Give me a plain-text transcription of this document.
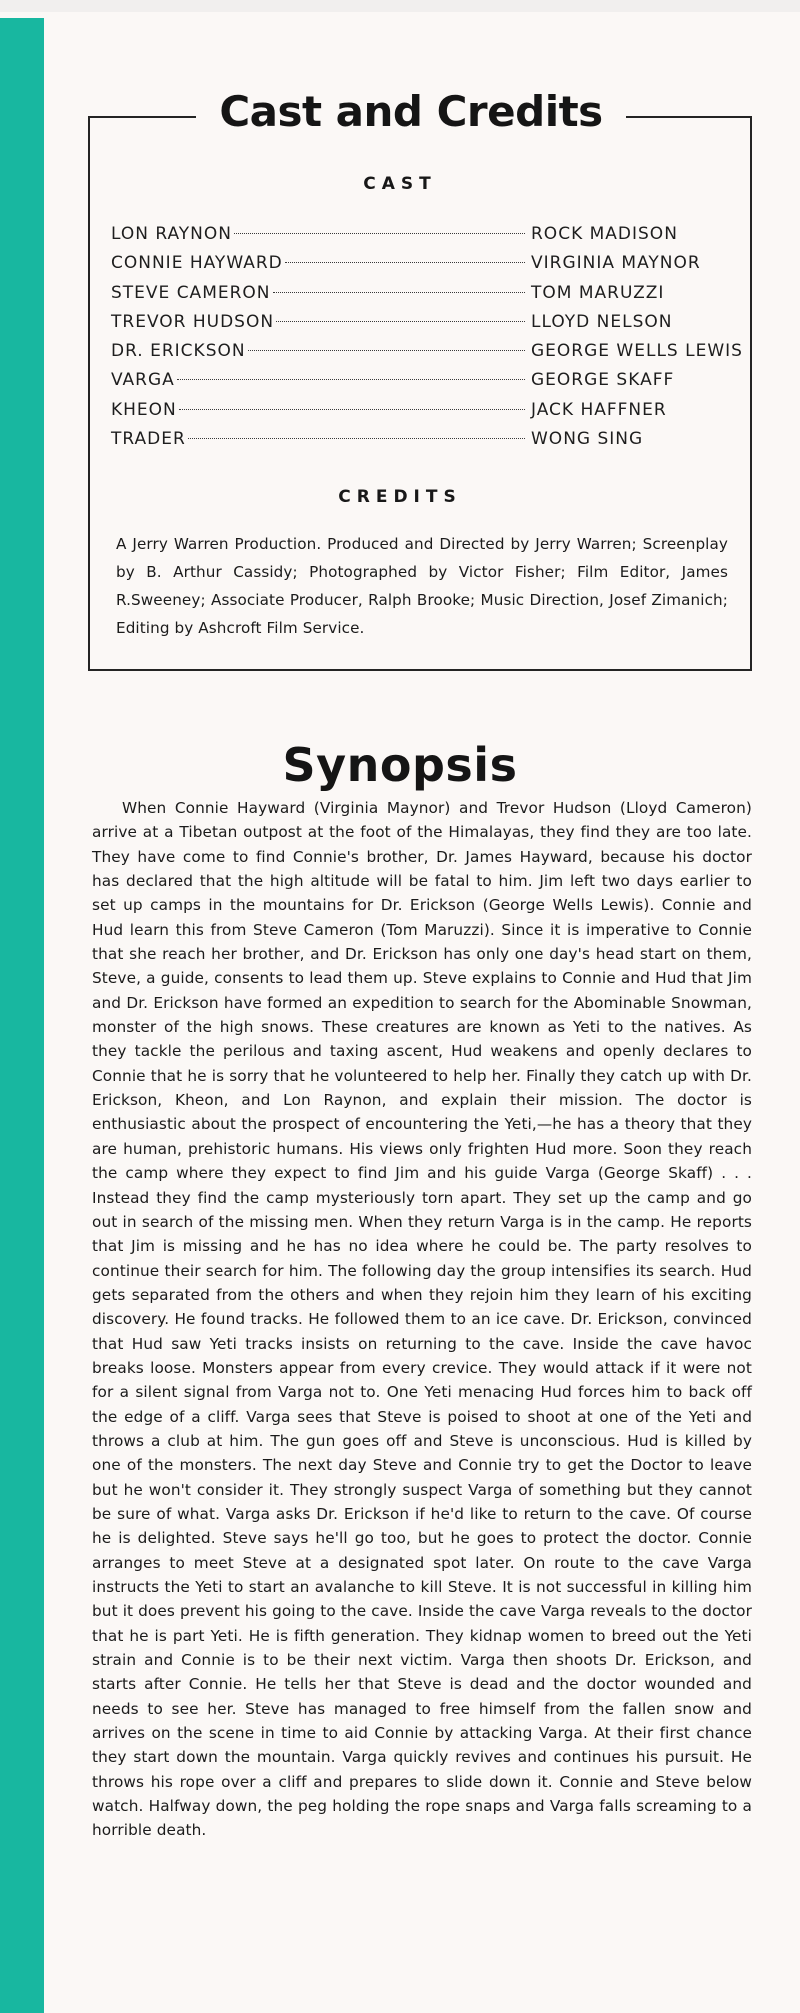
Cast and Credits
CAST
LON RAYNON	ROCK MADISON
CONNIE HAYWARD	VIRGINIA MAYNOR
STEVE CAMERON	TOM MARUZZI
TREVOR HUDSON	LLOYD NELSON
DR. ERICKSON	GEORGE WELLS LEWIS
VARGA	GEORGE SKAFF
KHEON	JACK HAFFNER
TRADER	WONG SING
CREDITS

A Jerry Warren Production. Produced and Directed by Jerry Warren; Screenplay by B. Arthur Cassidy; Photographed by Victor Fisher; Film Editor, James R.Sweeney; Associate Producer, Ralph Brooke; Music Direction, Josef Zimanich; Editing by Ashcroft Film Service.

Synopsis

When Connie Hayward (Virginia Maynor) and Trevor Hudson (Lloyd Cameron) arrive at a Tibetan outpost at the foot of the Himalayas, they find they are too late. They have come to find Connie's brother, Dr. James Hayward, because his doctor has declared that the high altitude will be fatal to him. Jim left two days earlier to set up camps in the mountains for Dr. Erickson (George Wells Lewis). Connie and Hud learn this from Steve Cameron (Tom Maruzzi). Since it is imperative to Connie that she reach her brother, and Dr. Erickson has only one day's head start on them, Steve, a guide, consents to lead them up. Steve explains to Connie and Hud that Jim and Dr. Erickson have formed an expedition to search for the Abominable Snowman, monster of the high snows. These creatures are known as Yeti to the natives. As they tackle the perilous and taxing ascent, Hud weakens and openly declares to Connie that he is sorry that he volunteered to help her. Finally they catch up with Dr. Erickson, Kheon, and Lon Raynon, and explain their mission. The doctor is enthusiastic about the prospect of encountering the Yeti,—he has a theory that they are human, prehistoric humans. His views only frighten Hud more. Soon they reach the camp where they expect to find Jim and his guide Varga (George Skaff) . . . Instead they find the camp mysteriously torn apart. They set up the camp and go out in search of the missing men. When they return Varga is in the camp. He reports that Jim is missing and he has no idea where he could be. The party resolves to continue their search for him. The following day the group intensifies its search. Hud gets separated from the others and when they rejoin him they learn of his exciting discovery. He found tracks. He followed them to an ice cave. Dr. Erickson, convinced that Hud saw Yeti tracks insists on returning to the cave. Inside the cave havoc breaks loose. Monsters appear from every crevice. They would attack if it were not for a silent signal from Varga not to. One Yeti menacing Hud forces him to back off the edge of a cliff. Varga sees that Steve is poised to shoot at one of the Yeti and throws a club at him. The gun goes off and Steve is unconscious. Hud is killed by one of the monsters. The next day Steve and Connie try to get the Doctor to leave but he won't consider it. They strongly suspect Varga of something but they cannot be sure of what. Varga asks Dr. Erickson if he'd like to return to the cave. Of course he is delighted. Steve says he'll go too, but he goes to protect the doctor. Connie arranges to meet Steve at a designated spot later. On route to the cave Varga instructs the Yeti to start an avalanche to kill Steve. It is not successful in killing him but it does prevent his going to the cave. Inside the cave Varga reveals to the doctor that he is part Yeti. He is fifth generation. They kidnap women to breed out the Yeti strain and Connie is to be their next victim. Varga then shoots Dr. Erickson, and starts after Connie. He tells her that Steve is dead and the doctor wounded and needs to see her. Steve has managed to free himself from the fallen snow and arrives on the scene in time to aid Connie by attacking Varga. At their first chance they start down the mountain. Varga quickly revives and continues his pursuit. He throws his rope over a cliff and prepares to slide down it. Connie and Steve below watch. Halfway down, the peg holding the rope snaps and Varga falls screaming to a horrible death.
